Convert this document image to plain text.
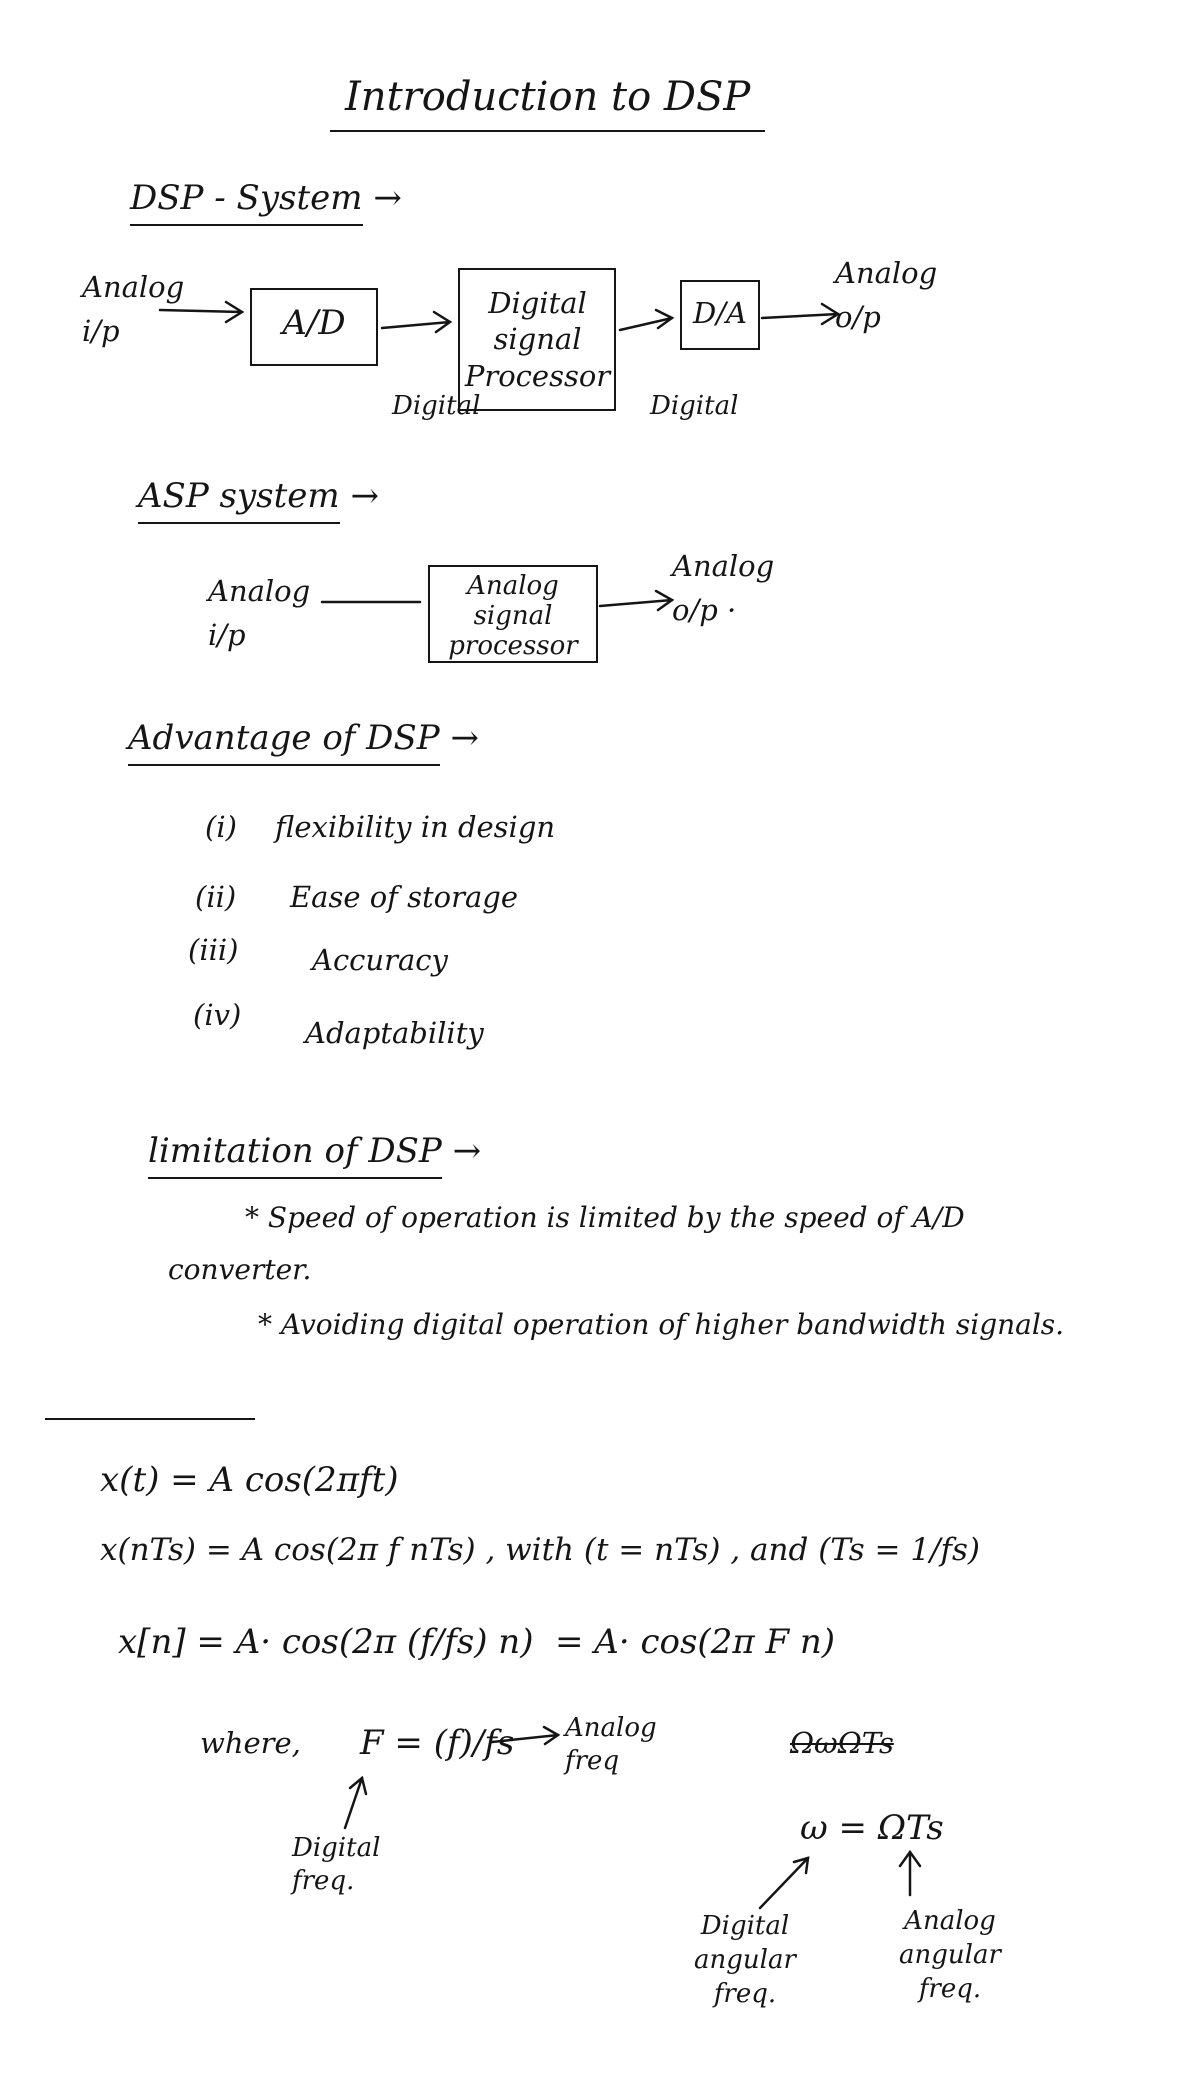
Introduction to DSP
DSP - System →
Analog i/p	A/D	Digital signal Processor
D/A
Analog o/p
Digital	Digital
ASP system →
Analog i/p
Analog signal processor
Analog o/p ·
Advantage of DSP →
(i) flexibility in design
(ii) Ease of storage
(iii)	Accuracy
(iv)
Adaptability
limitation of DSP →
* Speed of operation is limited by the speed of A/D
converter.
* Avoiding digital operation of higher bandwidth signals.
x(t) = A cos(2πft)
x(nTs) = A cos(2π f nTs) , with (t = nTs) , and (Ts = 1/fs)
x[n] = A· cos(2π (f/fs) n) = A· cos(2π F n)
where, F = (f)/fs Analog freq
Digital freq.
ΩωΩTs
ω = ΩTs
Digital angular freq.
Analog angular freq.
